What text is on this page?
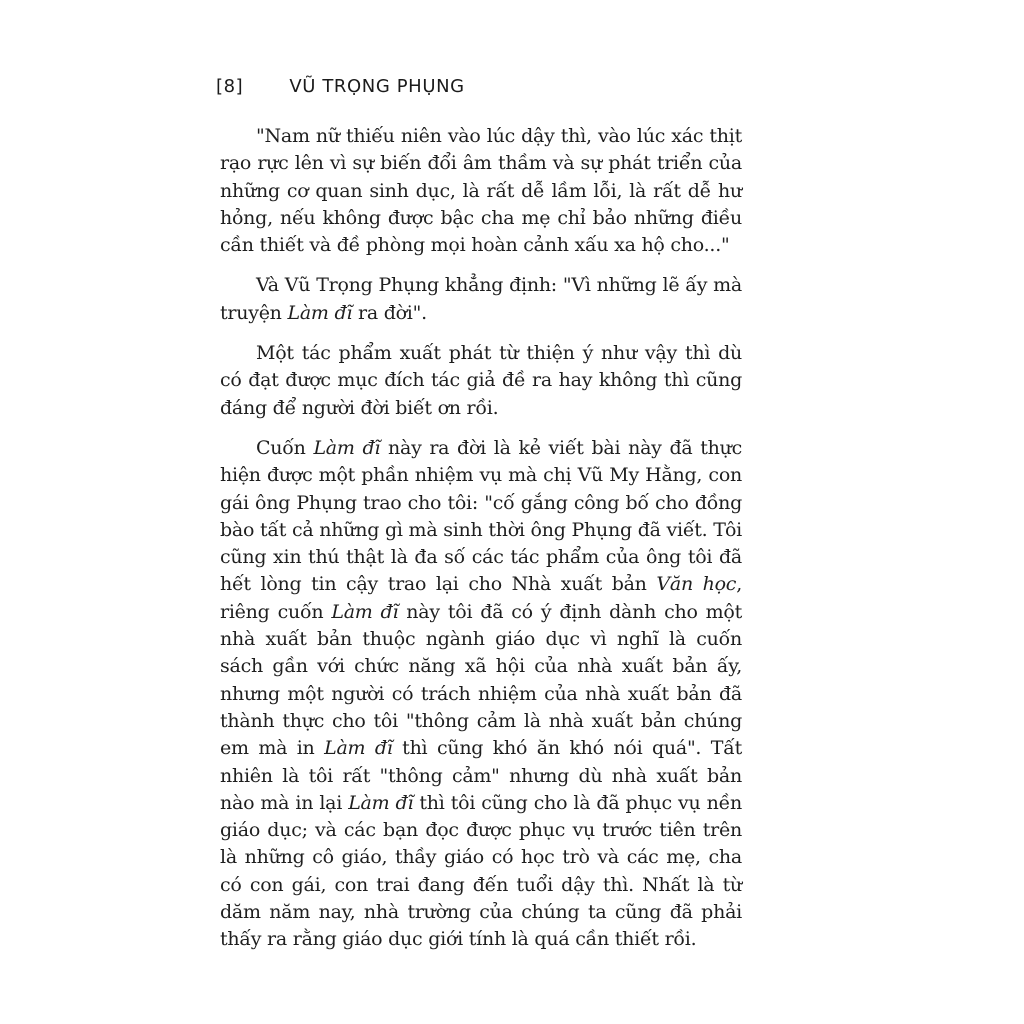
[8]	VŨ TRỌNG PHỤNG

"Nam nữ thiếu niên vào lúc dậy thì, vào lúc xác thịt rạo rực lên vì sự biến đổi âm thầm và sự phát triển của những cơ quan sinh dục, là rất dễ lầm lỗi, là rất dễ hư hỏng, nếu không được bậc cha mẹ chỉ bảo những điều cần thiết và đề phòng mọi hoàn cảnh xấu xa hộ cho..."

Và Vũ Trọng Phụng khẳng định: "Vì những lẽ ấy mà truyện Làm đĩ ra đời".

Một tác phẩm xuất phát từ thiện ý như vậy thì dù có đạt được mục đích tác giả đề ra hay không thì cũng đáng để người đời biết ơn rồi.

Cuốn Làm đĩ này ra đời là kẻ viết bài này đã thực hiện được một phần nhiệm vụ mà chị Vũ My Hằng, con gái ông Phụng trao cho tôi: "cố gắng công bố cho đồng bào tất cả những gì mà sinh thời ông Phụng đã viết. Tôi cũng xin thú thật là đa số các tác phẩm của ông tôi đã hết lòng tin cậy trao lại cho Nhà xuất bản Văn học, riêng cuốn Làm đĩ này tôi đã có ý định dành cho một nhà xuất bản thuộc ngành giáo dục vì nghĩ là cuốn sách gần với chức năng xã hội của nhà xuất bản ấy, nhưng một người có trách nhiệm của nhà xuất bản đã thành thực cho tôi "thông cảm là nhà xuất bản chúng em mà in Làm đĩ thì cũng khó ăn khó nói quá". Tất nhiên là tôi rất "thông cảm" nhưng dù nhà xuất bản nào mà in lại Làm đĩ thì tôi cũng cho là đã phục vụ nền giáo dục; và các bạn đọc được phục vụ trước tiên trên là những cô giáo, thầy giáo có học trò và các mẹ, cha có con gái, con trai đang đến tuổi dậy thì. Nhất là từ dăm năm nay, nhà trường của chúng ta cũng đã phải thấy ra rằng giáo dục giới tính là quá cần thiết rồi.
